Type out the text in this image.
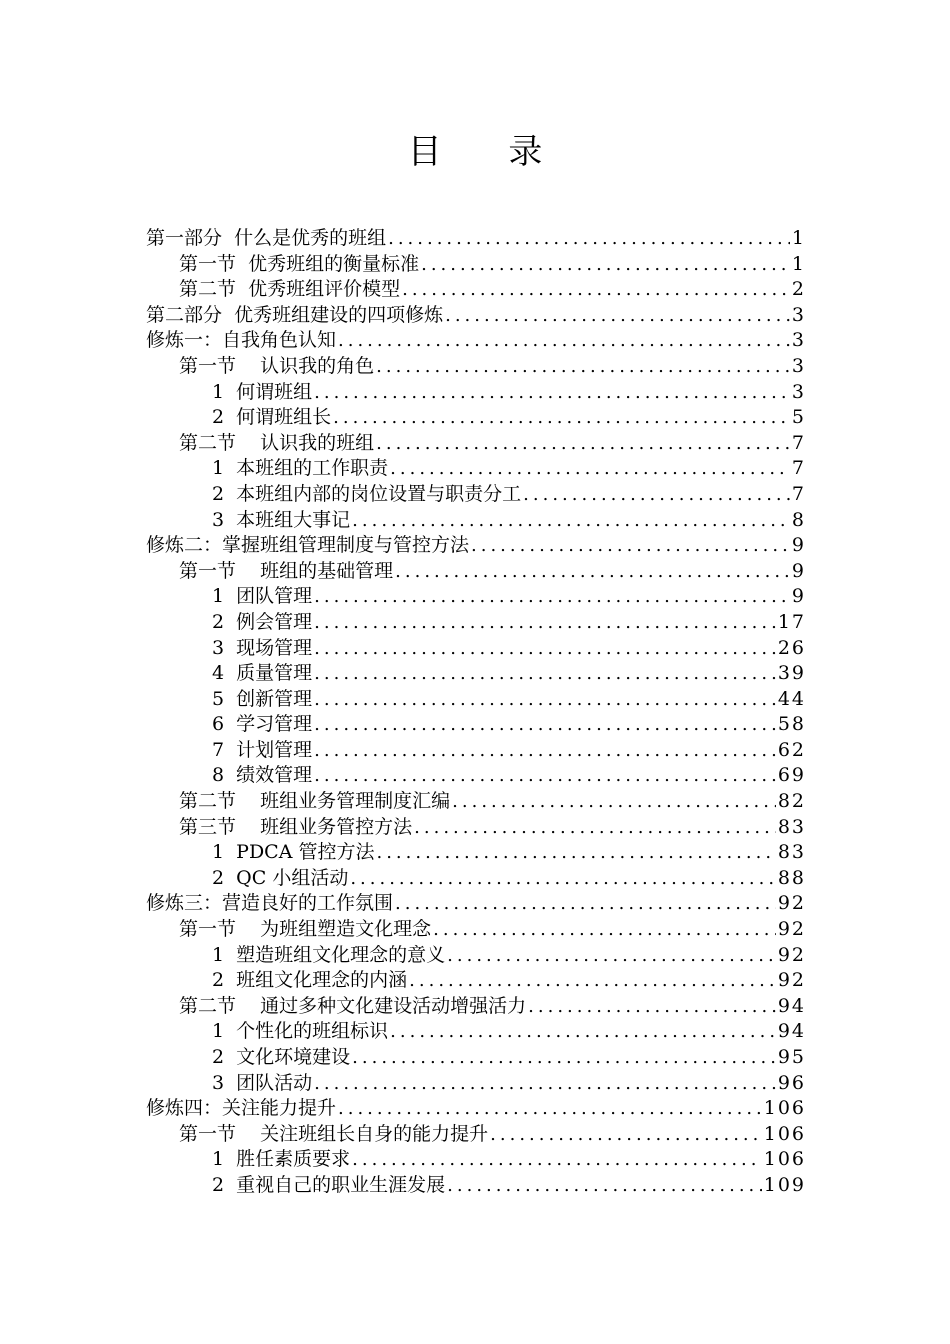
目 录
第一部分  什么是优秀的班组 .....	1
第一节  优秀班组的衡量标准 .....	1
第二节  优秀班组评价模型 .....	2
第二部分  优秀班组建设的四项修炼 .....	3
修炼一：自我角色认知 .....	3
第一节    认识我的角色 .....	3
1  何谓班组 .....	3
2  何谓班组长 .....	5
第二节    认识我的班组 .....	7
1  本班组的工作职责 .....	7
2  本班组内部的岗位设置与职责分工 .....	7
3  本班组大事记 .....	8
修炼二：掌握班组管理制度与管控方法 .....	9
第一节    班组的基础管理 .....	9
1  团队管理 .....	9
2  例会管理 .....	17
3  现场管理 .....	26
4  质量管理 .....	39
5  创新管理 .....	44
6  学习管理 .....	58
7  计划管理 .....	62
8  绩效管理 .....	69
第二节    班组业务管理制度汇编 .....	82
第三节    班组业务管控方法 .....	83
1  PDCA 管控方法 .....	83
2  QC 小组活动 .....	88
修炼三：营造良好的工作氛围 .....	92
第一节    为班组塑造文化理念 .....	92
1  塑造班组文化理念的意义 .....	92
2  班组文化理念的内涵 .....	92
第二节    通过多种文化建设活动增强活力 .....	94
1  个性化的班组标识 .....	94
2  文化环境建设 .....	95
3  团队活动 .....	96
修炼四：关注能力提升 .....	106
第一节    关注班组长自身的能力提升 .....	106
1  胜任素质要求 .....	106
2  重视自己的职业生涯发展 .....	109
